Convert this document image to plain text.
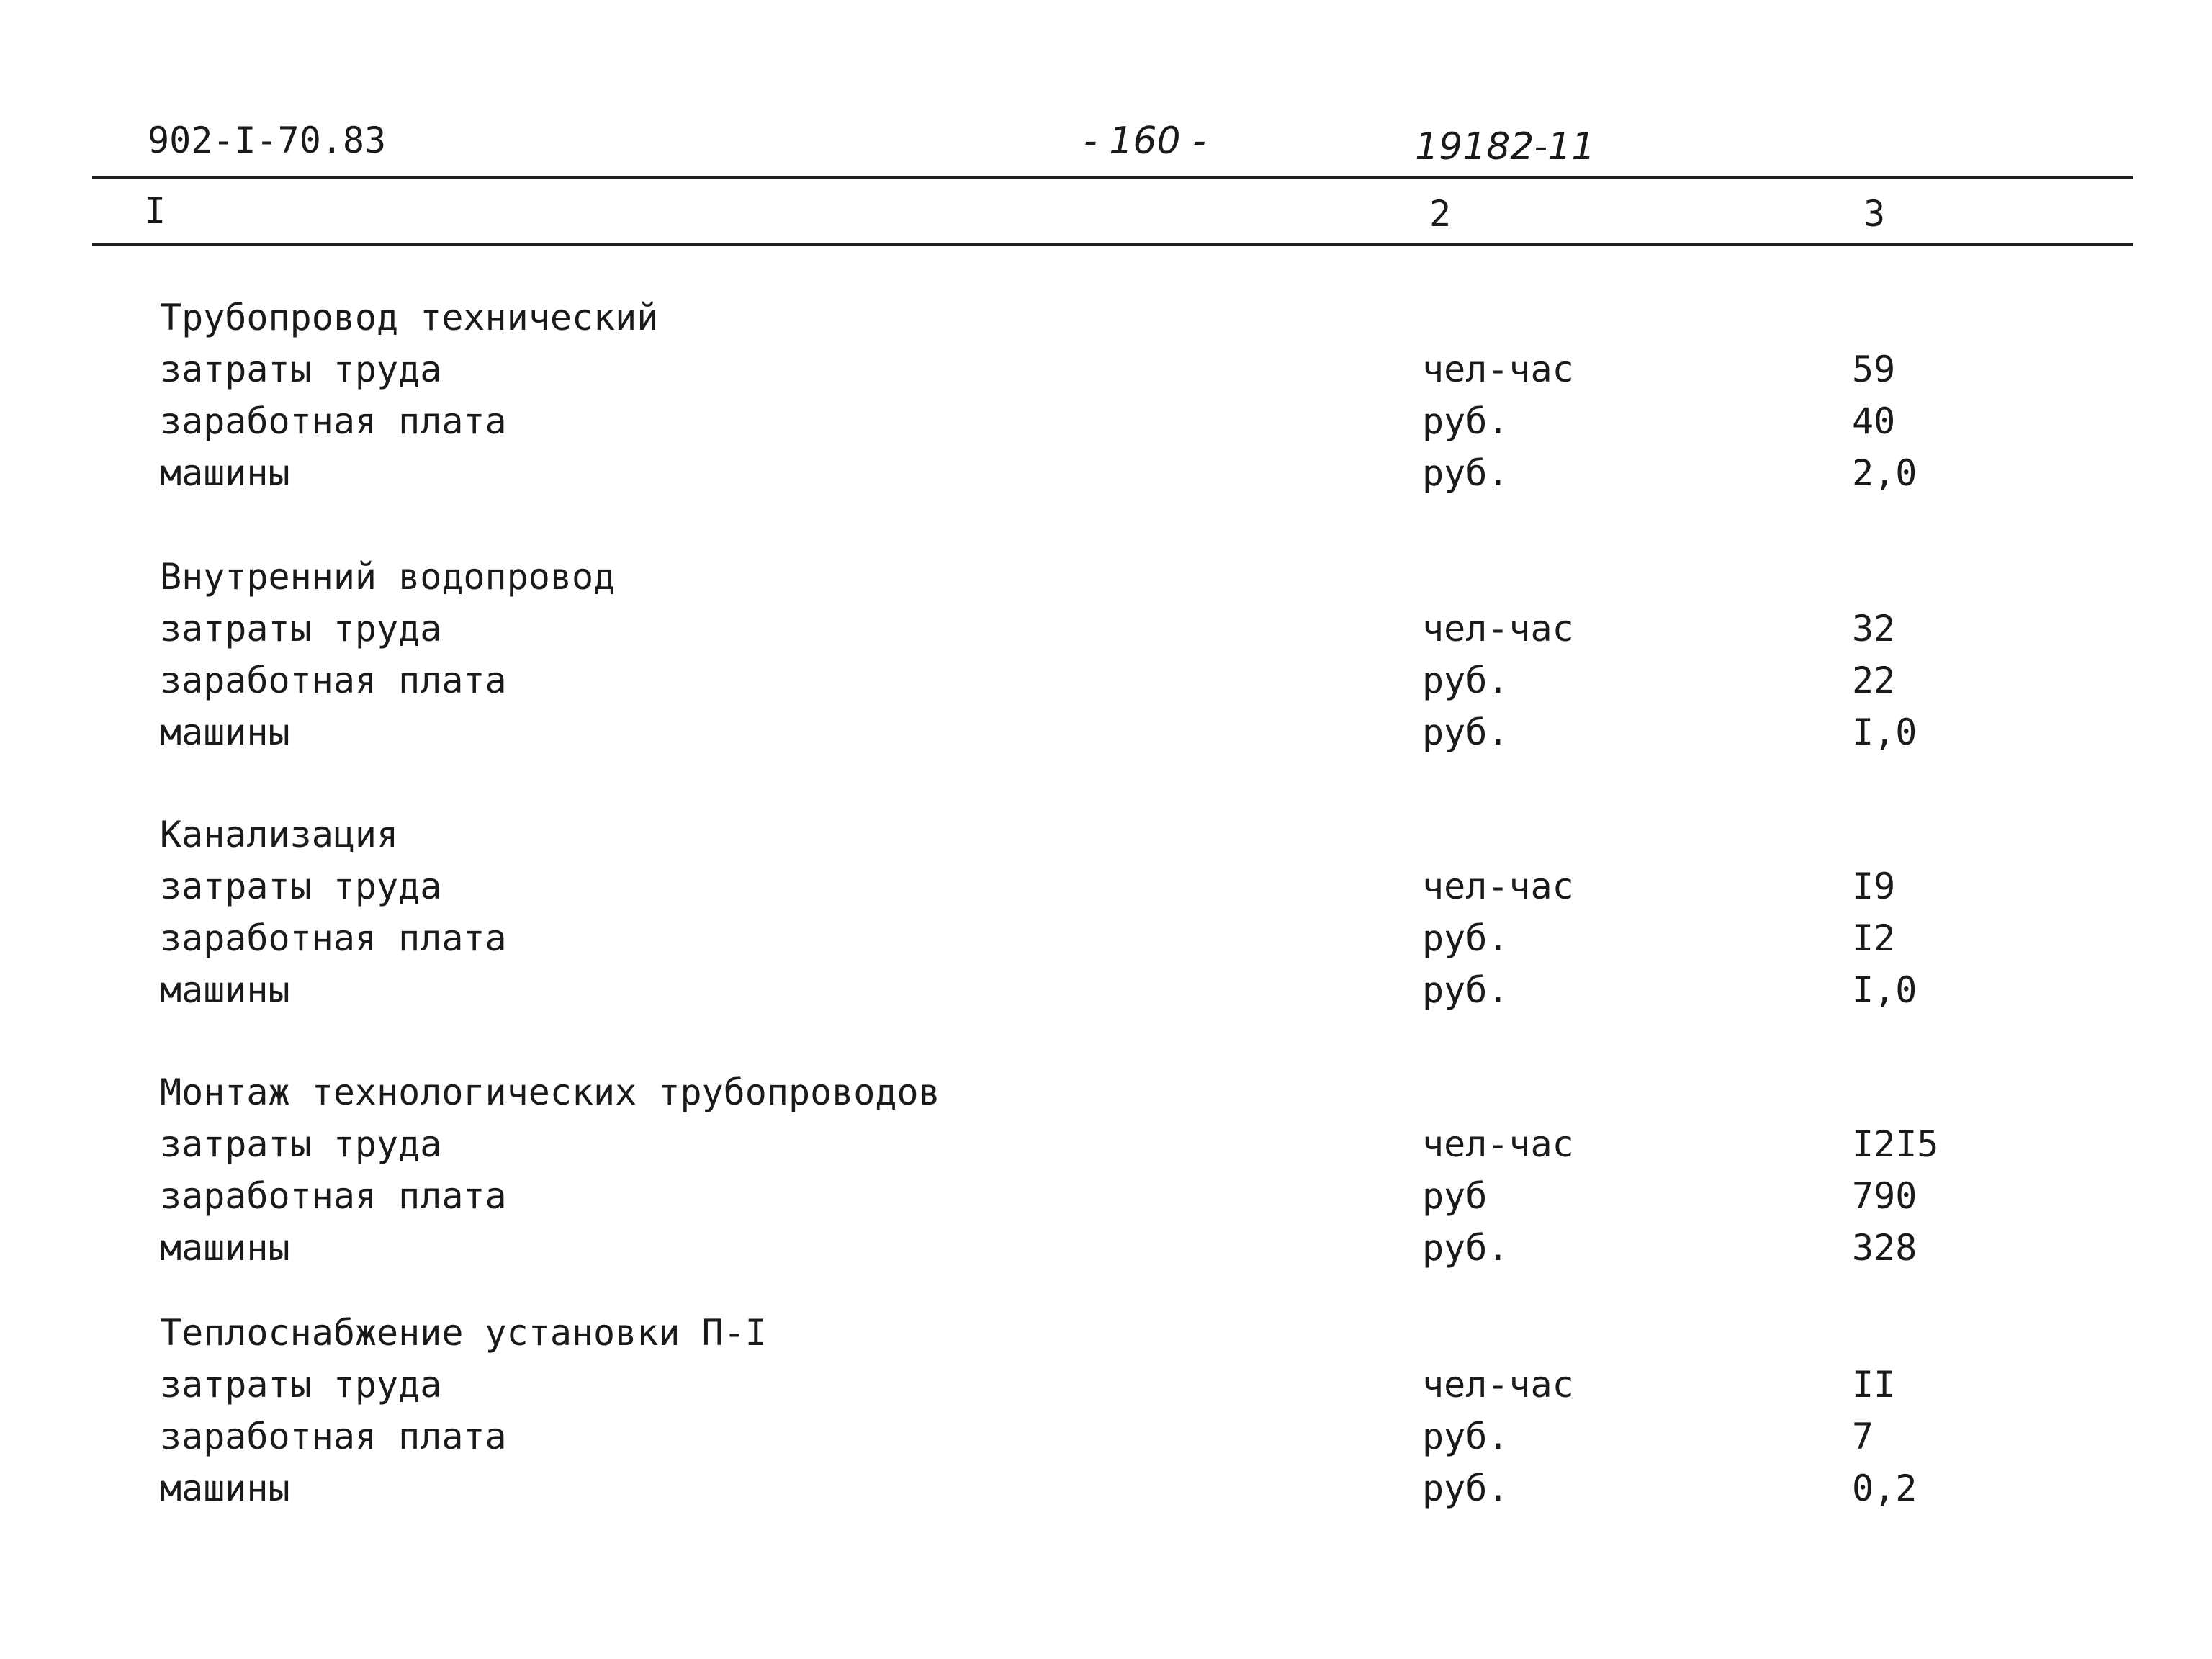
902-I-70.83	- 160 -	19182-11
I	2	3
Трубопровод технический
затраты труда	чел-час	59
заработная плата	руб.	40
машины	руб.	2,0
Внутренний водопровод
затраты труда	чел-час	32
заработная плата	руб.	22
машины	руб.	I,0
Канализация
затраты труда	чел-час	I9
заработная плата	руб.	I2
машины	руб.	I,0
Монтаж технологических трубопроводов
затраты труда	чел-час	I2I5
заработная плата	руб	790
машины	руб.	328
Теплоснабжение установки П-I
затраты труда	чел-час	II
заработная плата	руб.	7
машины	руб.	0,2
